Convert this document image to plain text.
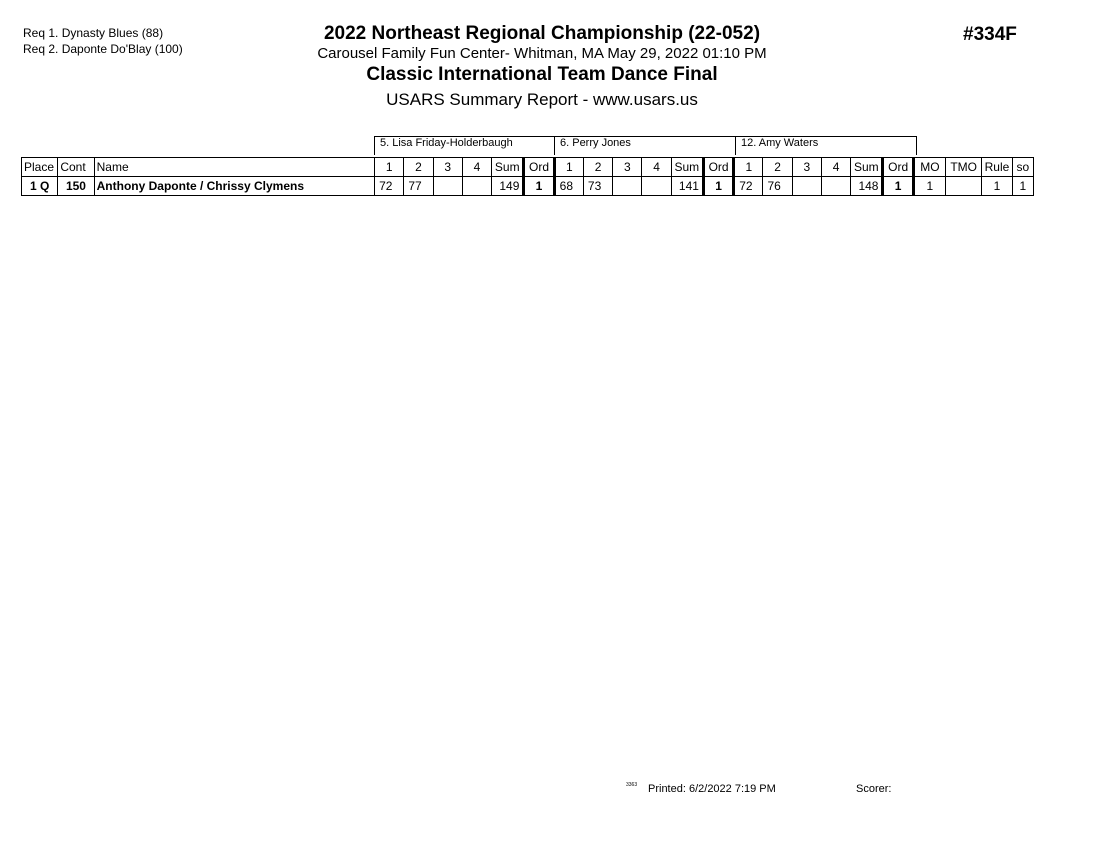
Req 1. Dynasty Blues (88)
Req 2. Daponte Do'Blay (100)
#334F
2022 Northeast Regional Championship (22-052)
Carousel Family Fun Center- Whitman, MA May 29, 2022 01:10 PM
Classic International Team Dance Final
USARS Summary Report - www.usars.us
5. Lisa Friday-Holderbaugh	6. Perry Jones	12. Amy Waters
Place	Cont	Name	1	2	3	4	Sum	Ord	1	2	3	4	Sum	Ord	1	2	3	4	Sum	Ord	MO	TMO	Rule	so
1 Q	150	Anthony Daponte / Chrissy Clymens	72	77			149	1	68	73			141	1	72	76			148	1	1		1	1
3363 Printed: 6/2/2022 7:19 PM	Scorer:
